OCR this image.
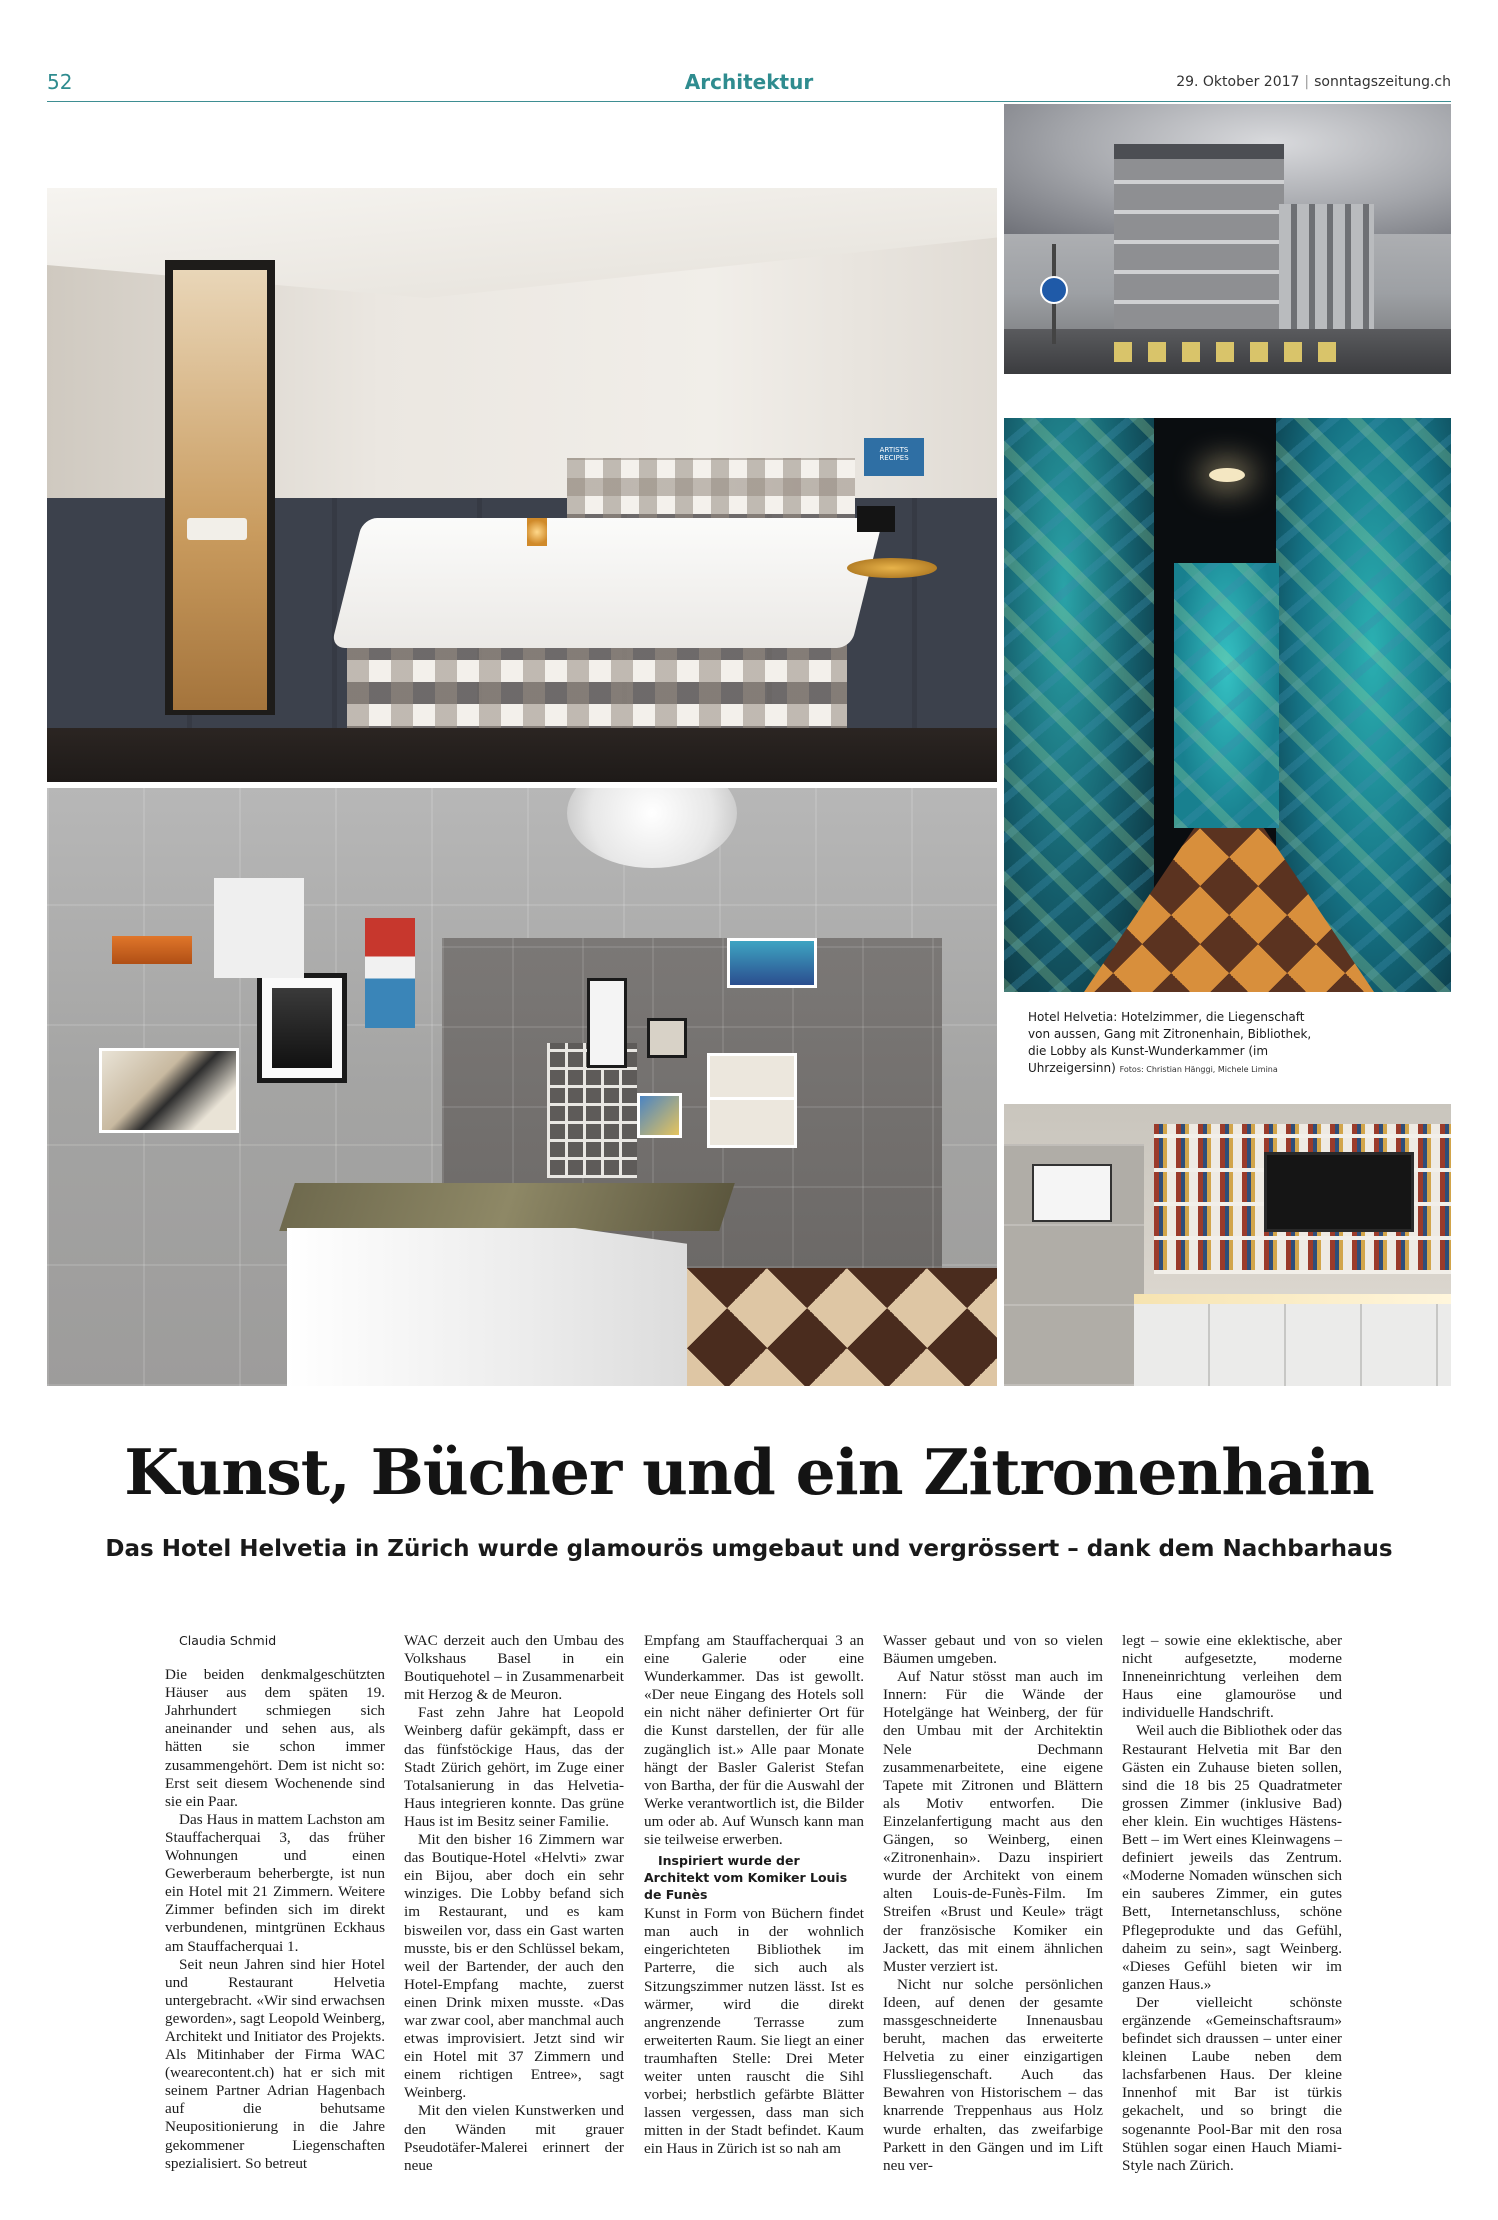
52	Architektur	29. Oktober 2017 | sonntagszeitung.ch
ARTISTS RECIPES
Hotel Helvetia: Hotelzimmer, die Liegenschaft von aussen, Gang mit Zitronenhain, Bibliothek, die Lobby als Kunst-Wunderkammer (im Uhrzeigersinn) Fotos: Christian Hänggi, Michele Limina
Kunst, Bücher und ein Zitronenhain
Das Hotel Helvetia in Zürich wurde glamourös umgebaut und vergrössert – dank dem Nachbarhaus

Claudia Schmid

Die beiden denkmalgeschützten Häuser aus dem späten 19. Jahrhundert schmiegen sich aneinander und sehen aus, als hätten sie schon immer zusammengehört. Dem ist nicht so: Erst seit diesem Wochenende sind sie ein Paar.

Das Haus in mattem Lachston am Stauffacherquai 3, das früher Wohnungen und einen Gewerberaum beherbergte, ist nun ein Hotel mit 21 Zimmern. Weitere Zimmer befinden sich im direkt verbundenen, mintgrünen Eckhaus am Stauffacherquai 1.

Seit neun Jahren sind hier Hotel und Restaurant Helvetia untergebracht. «Wir sind erwachsen geworden», sagt Leopold Weinberg, Architekt und Initiator des Projekts. Als Mitinhaber der Firma WAC (wearecontent.ch) hat er sich mit seinem Partner Adrian Hagenbach auf die behutsame Neupositionierung in die Jahre gekommener Liegenschaften spezialisiert. So betreut

WAC derzeit auch den Umbau des Volkshaus Basel in ein Boutiquehotel – in Zusammenarbeit mit Herzog & de Meuron.

Fast zehn Jahre hat Leopold Weinberg dafür gekämpft, dass er das fünfstöckige Haus, das der Stadt Zürich gehört, im Zuge einer Totalsanierung in das Helvetia-Haus integrieren konnte. Das grüne Haus ist im Besitz seiner Familie.

Mit den bisher 16 Zimmern war das Boutique-Hotel «Helvti» zwar ein Bijou, aber doch ein sehr winziges. Die Lobby befand sich im Restaurant, und es kam bisweilen vor, dass ein Gast warten musste, bis er den Schlüssel bekam, weil der Bartender, der auch den Hotel-Empfang machte, zuerst einen Drink mixen musste. «Das war zwar cool, aber manchmal auch etwas improvisiert. Jetzt sind wir ein Hotel mit 37 Zimmern und einem richtigen Entree», sagt Weinberg.

Mit den vielen Kunstwerken und den Wänden mit grauer Pseudotäfer-Malerei erinnert der neue

Empfang am Stauffacherquai 3 an eine Galerie oder eine Wunderkammer. Das ist gewollt. «Der neue Eingang des Hotels soll ein nicht näher definierter Ort für die Kunst darstellen, der für alle zugänglich ist.» Alle paar Monate hängt der Basler Galerist Stefan von Bartha, der für die Auswahl der Werke verantwortlich ist, die Bilder um oder ab. Auf Wunsch kann man sie teilweise erwerben.

Inspiriert wurde der Architekt vom Komiker Louis de Funès

Kunst in Form von Büchern findet man auch in der wohnlich eingerichteten Bibliothek im Parterre, die sich auch als Sitzungszimmer nutzen lässt. Ist es wärmer, wird die direkt angrenzende Terrasse zum erweiterten Raum. Sie liegt an einer traumhaften Stelle: Drei Meter weiter unten rauscht die Sihl vorbei; herbstlich gefärbte Blätter lassen vergessen, dass man sich mitten in der Stadt befindet. Kaum ein Haus in Zürich ist so nah am

Wasser gebaut und von so vielen Bäumen umgeben.

Auf Natur stösst man auch im Innern: Für die Wände der Hotelgänge hat Weinberg, der für den Umbau mit der Architektin Nele Dechmann zusammenarbeitete, eine eigene Tapete mit Zitronen und Blättern als Motiv entworfen. Die Einzelanfertigung macht aus den Gängen, so Weinberg, einen «Zitronenhain». Dazu inspiriert wurde der Architekt von einem alten Louis-de-Funès-Film. Im Streifen «Brust und Keule» trägt der französische Komiker ein Jackett, das mit einem ähnlichen Muster verziert ist.

Nicht nur solche persönlichen Ideen, auf denen der gesamte massgeschneiderte Innenausbau beruht, machen das erweiterte Helvetia zu einer einzigartigen Flussliegenschaft. Auch das Bewahren von Historischem – das knarrende Treppenhaus aus Holz wurde erhalten, das zweifarbige Parkett in den Gängen und im Lift neu ver-

legt – sowie eine eklektische, aber nicht aufgesetzte, moderne Inneneinrichtung verleihen dem Haus eine glamouröse und individuelle Handschrift.

Weil auch die Bibliothek oder das Restaurant Helvetia mit Bar den Gästen ein Zuhause bieten sollen, sind die 18 bis 25 Quadratmeter grossen Zimmer (inklusive Bad) eher klein. Ein wuchtiges Hästens-Bett – im Wert eines Kleinwagens – definiert jeweils das Zentrum. «Moderne Nomaden wünschen sich ein sauberes Zimmer, ein gutes Bett, Internetanschluss, schöne Pflegeprodukte und das Gefühl, daheim zu sein», sagt Weinberg. «Dieses Gefühl bieten wir im ganzen Haus.»

Der vielleicht schönste ergänzende «Gemeinschaftsraum» befindet sich draussen – unter einer kleinen Laube neben dem lachsfarbenen Haus. Der kleine Innenhof mit Bar ist türkis gekachelt, und so bringt die sogenannte Pool-Bar mit den rosa Stühlen sogar einen Hauch Miami-Style nach Zürich.
